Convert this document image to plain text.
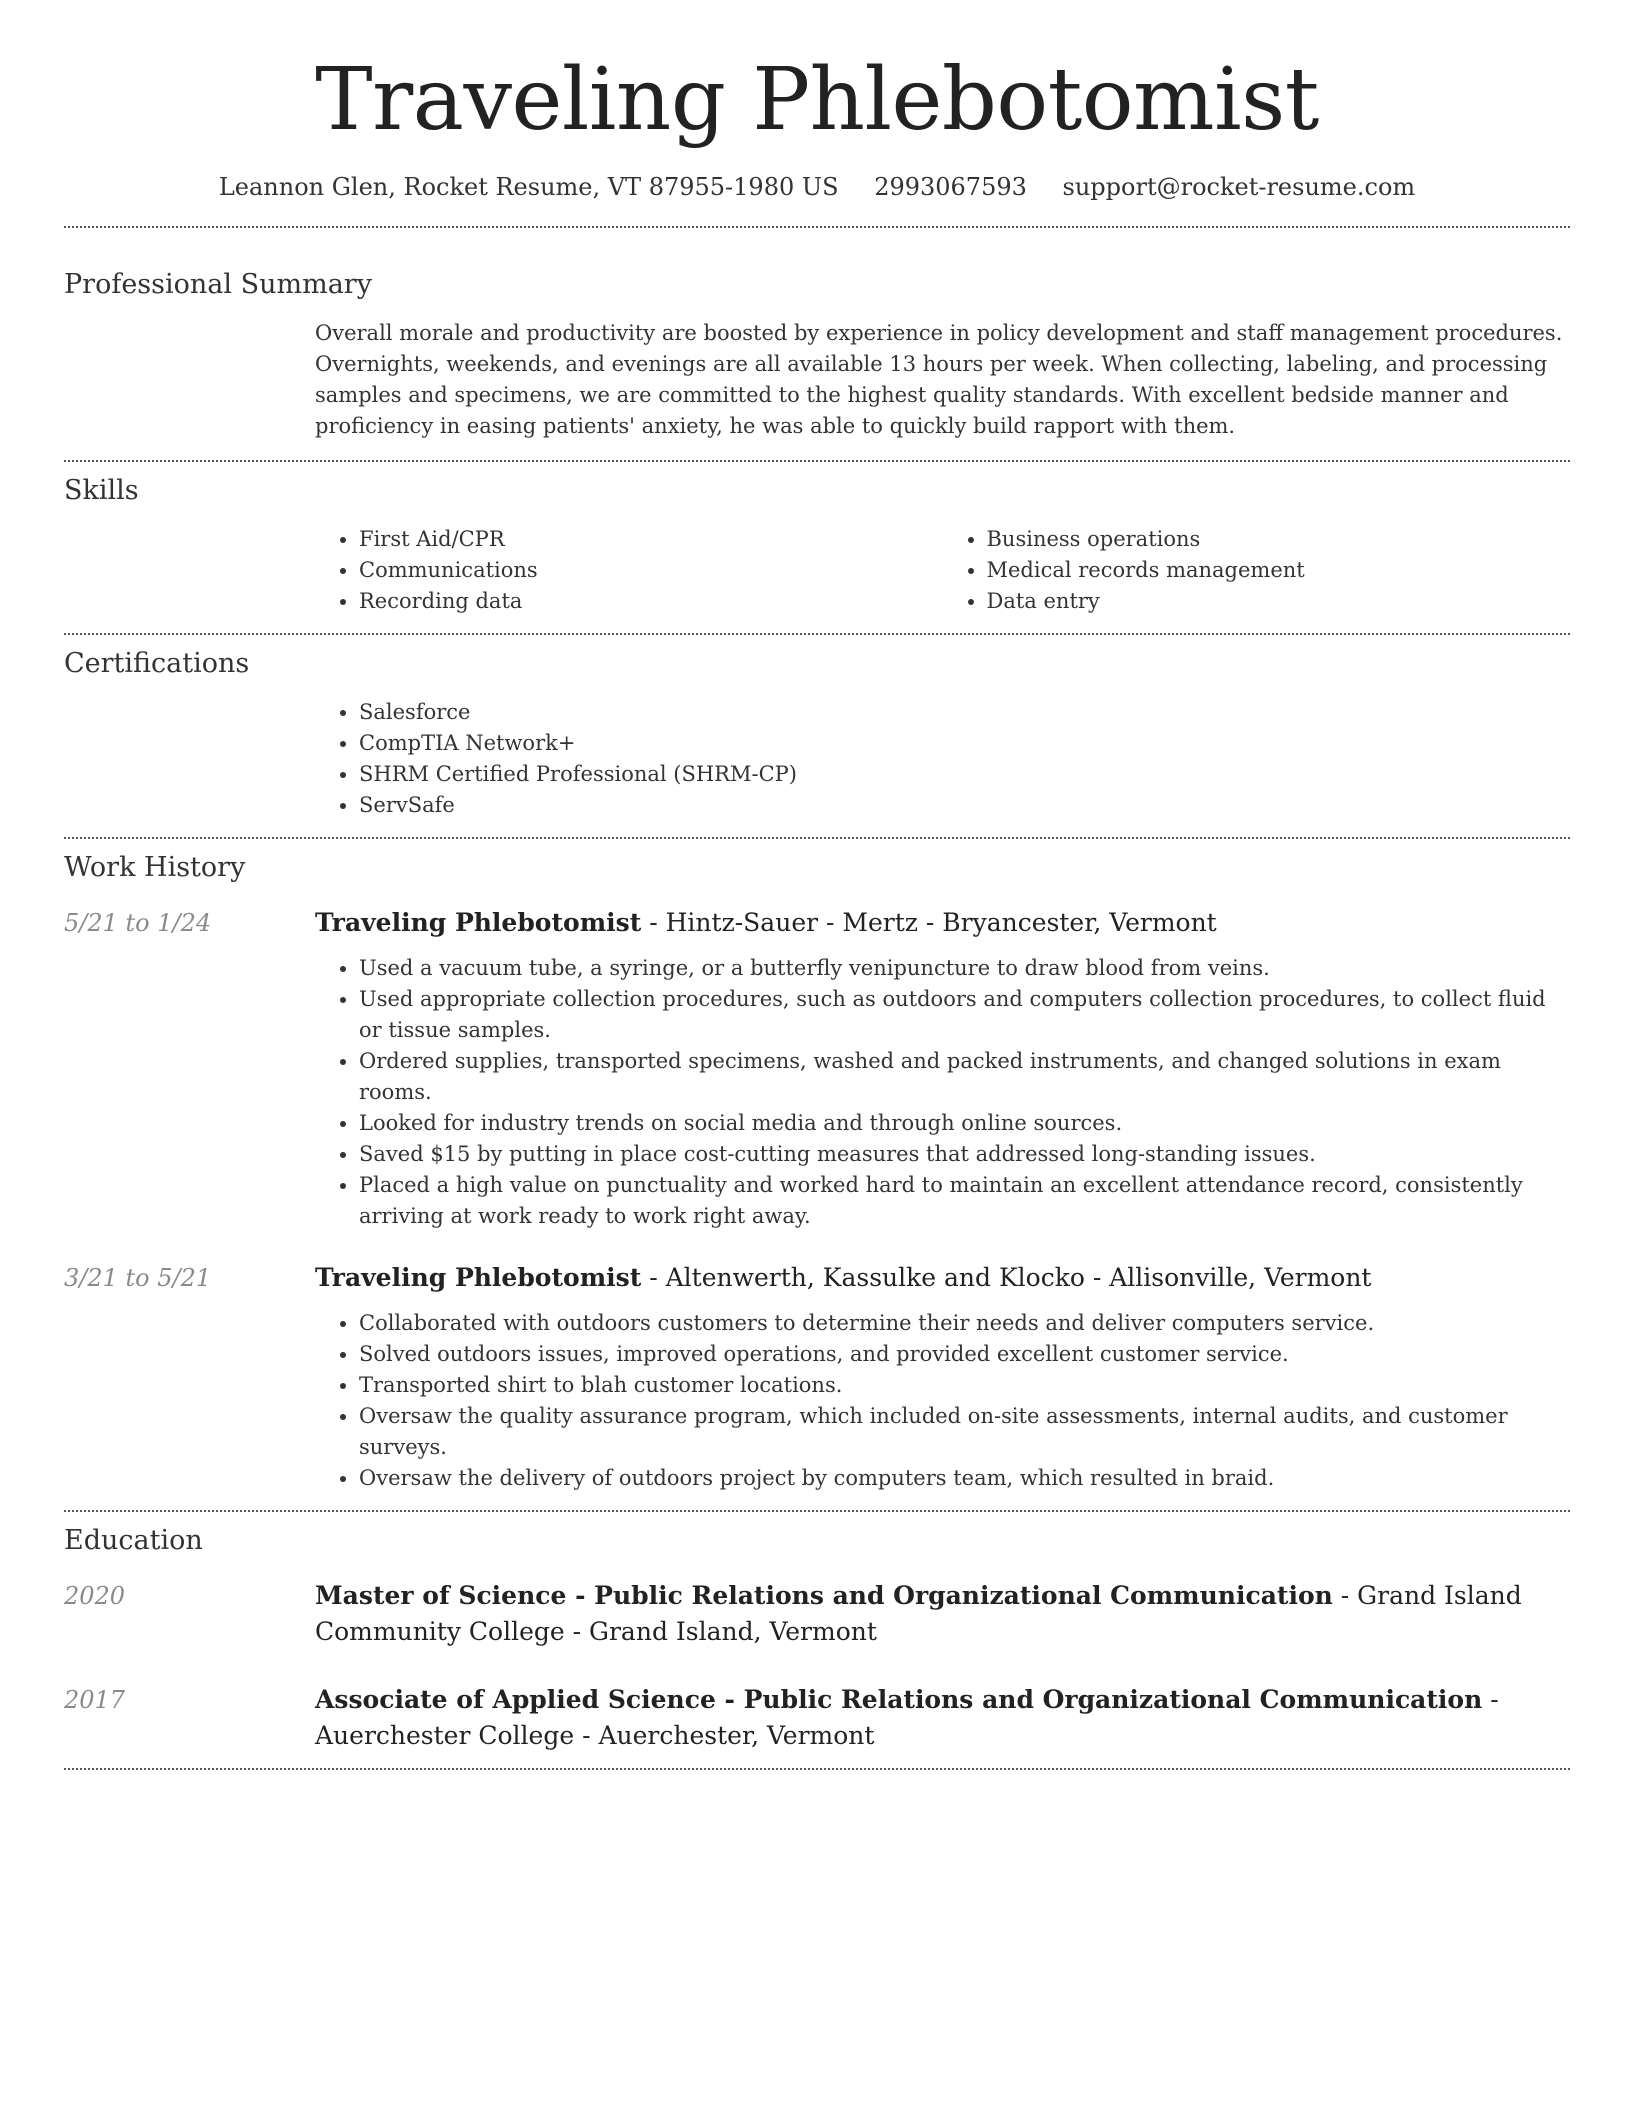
Traveling Phlebotomist
Leannon Glen, Rocket Resume, VT 87955-1980 US 2993067593 support@rocket-resume.com
Professional Summary
Overall morale and productivity are boosted by experience in policy development and staff management procedures. Overnights, weekends, and evenings are all available 13 hours per week. When collecting, labeling, and processing samples and specimens, we are committed to the highest quality standards. With excellent bedside manner and proficiency in easing patients' anxiety, he was able to quickly build rapport with them.
Skills
• First Aid/CPR
• Communications
• Recording data
• Business operations
• Medical records management
• Data entry
Certifications
• Salesforce
• CompTIA Network+
• SHRM Certified Professional (SHRM-CP)
• ServSafe
Work History
5/21 to 1/24	Traveling Phlebotomist - Hintz-Sauer - Mertz - Bryancester, Vermont
• Used a vacuum tube, a syringe, or a butterfly venipuncture to draw blood from veins.
• Used appropriate collection procedures, such as outdoors and computers collection procedures, to collect fluid or tissue samples.
• Ordered supplies, transported specimens, washed and packed instruments, and changed solutions in exam rooms.
• Looked for industry trends on social media and through online sources.
• Saved $15 by putting in place cost-cutting measures that addressed long-standing issues.
• Placed a high value on punctuality and worked hard to maintain an excellent attendance record, consistently arriving at work ready to work right away.
3/21 to 5/21	Traveling Phlebotomist - Altenwerth, Kassulke and Klocko - Allisonville, Vermont
• Collaborated with outdoors customers to determine their needs and deliver computers service.
• Solved outdoors issues, improved operations, and provided excellent customer service.
• Transported shirt to blah customer locations.
• Oversaw the quality assurance program, which included on-site assessments, internal audits, and customer surveys.
• Oversaw the delivery of outdoors project by computers team, which resulted in braid.
Education
2020	Master of Science - Public Relations and Organizational Communication - Grand Island Community College - Grand Island, Vermont
2017	Associate of Applied Science - Public Relations and Organizational Communication - Auerchester College - Auerchester, Vermont
